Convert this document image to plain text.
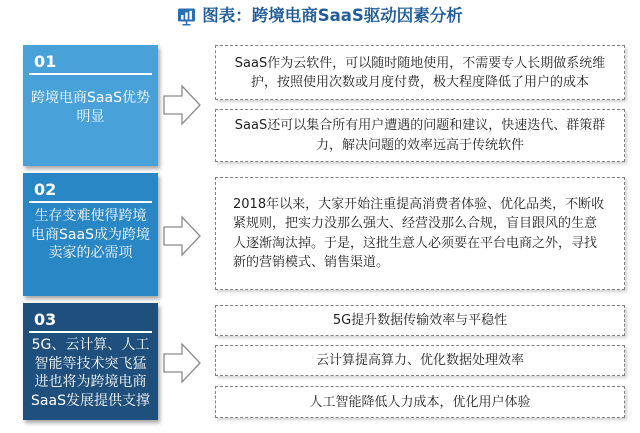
图表：跨境电商SaaS驱动因素分析
01
跨境电商SaaS优势明显
02
生存变难使得跨境电商SaaS成为跨境卖家的必需项
03
5G、云计算、人工智能等技术突飞猛进也将为跨境电商SaaS发展提供支撑
SaaS作为云软件，可以随时随地使用，不需要专人长期做系统维护，按照使用次数或月度付费，极大程度降低了用户的成本
SaaS还可以集合所有用户遭遇的问题和建议，快速迭代、群策群力，解决问题的效率远高于传统软件
2018年以来，大家开始注重提高消费者体验、优化品类，不断收紧规则，把实力没那么强大、经营没那么合规，盲目跟风的生意人逐渐淘汰掉。于是，这批生意人必须要在平台电商之外，寻找新的营销模式、销售渠道。
5G提升数据传输效率与平稳性
云计算提高算力、优化数据处理效率
人工智能降低人力成本，优化用户体验
